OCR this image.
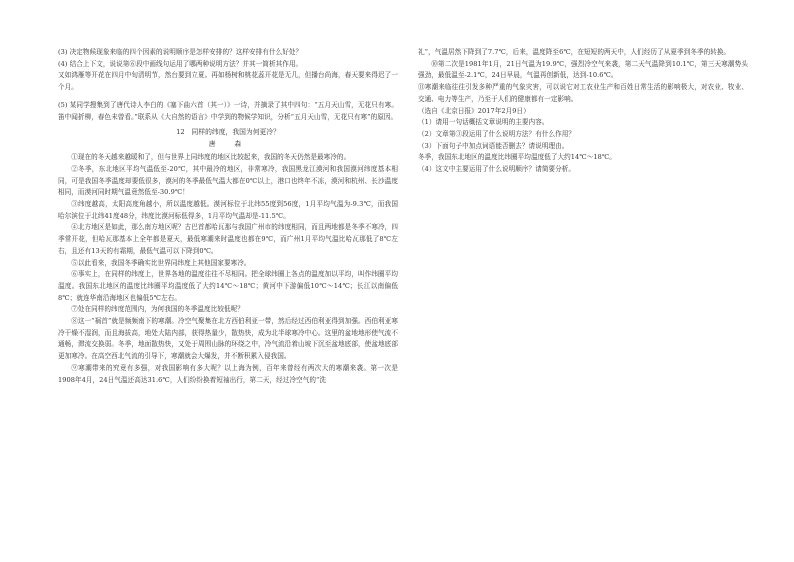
(3) 决定物候现象来临的四个因素的说明顺序是怎样安排的？这样安排有什么好处？

(4) 结合上下文，说说第⑥段中画线句运用了哪两种说明方法？并其一简析其作用。

又如鸿雁等开花在四月中旬清明节，然台要到立夏。再如杨树和桃花蕊开花是无几，但播台尚海，春天要来得迟了一个月。

(5) 某同学搜集到了唐代诗人李白的《塞下曲六首（其一）》一诗，并摘录了其中四句：“五月天山雪，无花只有寒。笛中闻折柳，春色未曾看。”联系从《大自然的语言》中学到的物候学知识，分析“五月天山雪，无花只有寒”的原因。

12　同样的纬度，我国为何更冷？

唐　森

①现在的冬天越来越暖和了，但与世界上同纬度的地区比较起来，我国的冬天仍然是最寒冷的。

②冬季，东北地区平均气温低至-20℃，其中最冷的地区，非常寒冷，我国黑龙江漠河和我国漠河纬度基本相同，可是我国冬季温度却要低很多，漠河的冬季最低气温大都在0℃以上，港口也终年不冻，漠河和杭州、长沙温度相同，而漠河同时期气温竟然低至-30.9℃！

③纬度越高，太阳高度角越小，所以温度越低。漠河标位于北纬55度到56度，1月平均气温为-9.3℃，而我国哈尔滨位于北纬41度48分，纬度比漠河标低得多，1月平均气温却是-11.5℃。

④北方地区是如此，那么南方地区呢？古巴首都哈瓦那与我国广州市的纬度相同，而且两地都是冬季不寒冷，四季常开花，但哈瓦那基本上全年都是夏天，最低寒潮来时温度也都在9℃，而广州1月平均气温比哈瓦那低了8℃左右，且还有13天的有霜期，最低气温可以下降到0℃。

⑤以此看来，我国冬季确实比世界同纬度上其他国家要寒冷。

⑥事实上，在同样的纬度上，世界各地的温度往往不尽相同。把全球纬圈上各点的温度加以平均，叫作纬圈平均温度。我国东北地区的温度比纬圈平均温度低了大约14℃～18℃；黄河中下游偏低10℃～14℃；长江以南偏低8℃；就连华南沿海地区也偏低5℃左右。

⑦处在同样的纬度范围内，为何我国的冬季温度比较低呢？

⑧这一“祸首”就是频频南下的寒潮。冷空气聚集在北方西伯利亚一带，然后经过西伯利亚得到加强。西伯利亚寒冷干燥不湿润，而且海拔高，地处大陆内部，获得热量少，散热快，成为北半球寒冷中心。这里的盆地地形使气流不通畅，滞流交换弱。冬季，地面散热快，又处于周围山脉的环绕之中，冷气流沿着山坡下沉至盆地底部，使盆地底部更加寒冷。在高空西北气流的引导下，寒潮就会大爆发，并不断积累入侵我国。

⑨寒潮带来的究竟有多强，对我国影响有多大呢？以上海为例，百年来曾经有两次大的寒潮来袭。第一次是1908年4月，24日气温还高达31.6℃，人们纷纷换着短袖出行，第二天，经过冷空气的“洗

礼”，气温居然下降到了7.7℃，后来，温度降至6℃，在短短的两天中，人们经历了从夏季到冬季的转换。

⑩第二次是1981年1月，21日气温为19.9℃，强烈冷空气来袭，第二天气温降到10.1℃，第三天寒潮势头强劲，最低温至-2.1℃，24日早晨，气温再创新低，达到-10.6℃。

⑪寒潮来临往往引发多种严重的气象灾害，可以说它对工农业生产和百姓日常生活的影响极大，对农业、牧业、交通、电力等生产，乃至于人们的健康都有一定影响。

（选自《北京日报》2017年2月9日）

（1）请用一句话概括文章说明的主要内容。

（2）文章第③段运用了什么说明方法？有什么作用？

（3）下面句子中加点词语能否删去？请说明理由。

冬季，我国东北地区的温度比纬圈平均温度低了大约14℃～18℃。

（4）这文中主要运用了什么说明顺序？请简要分析。
